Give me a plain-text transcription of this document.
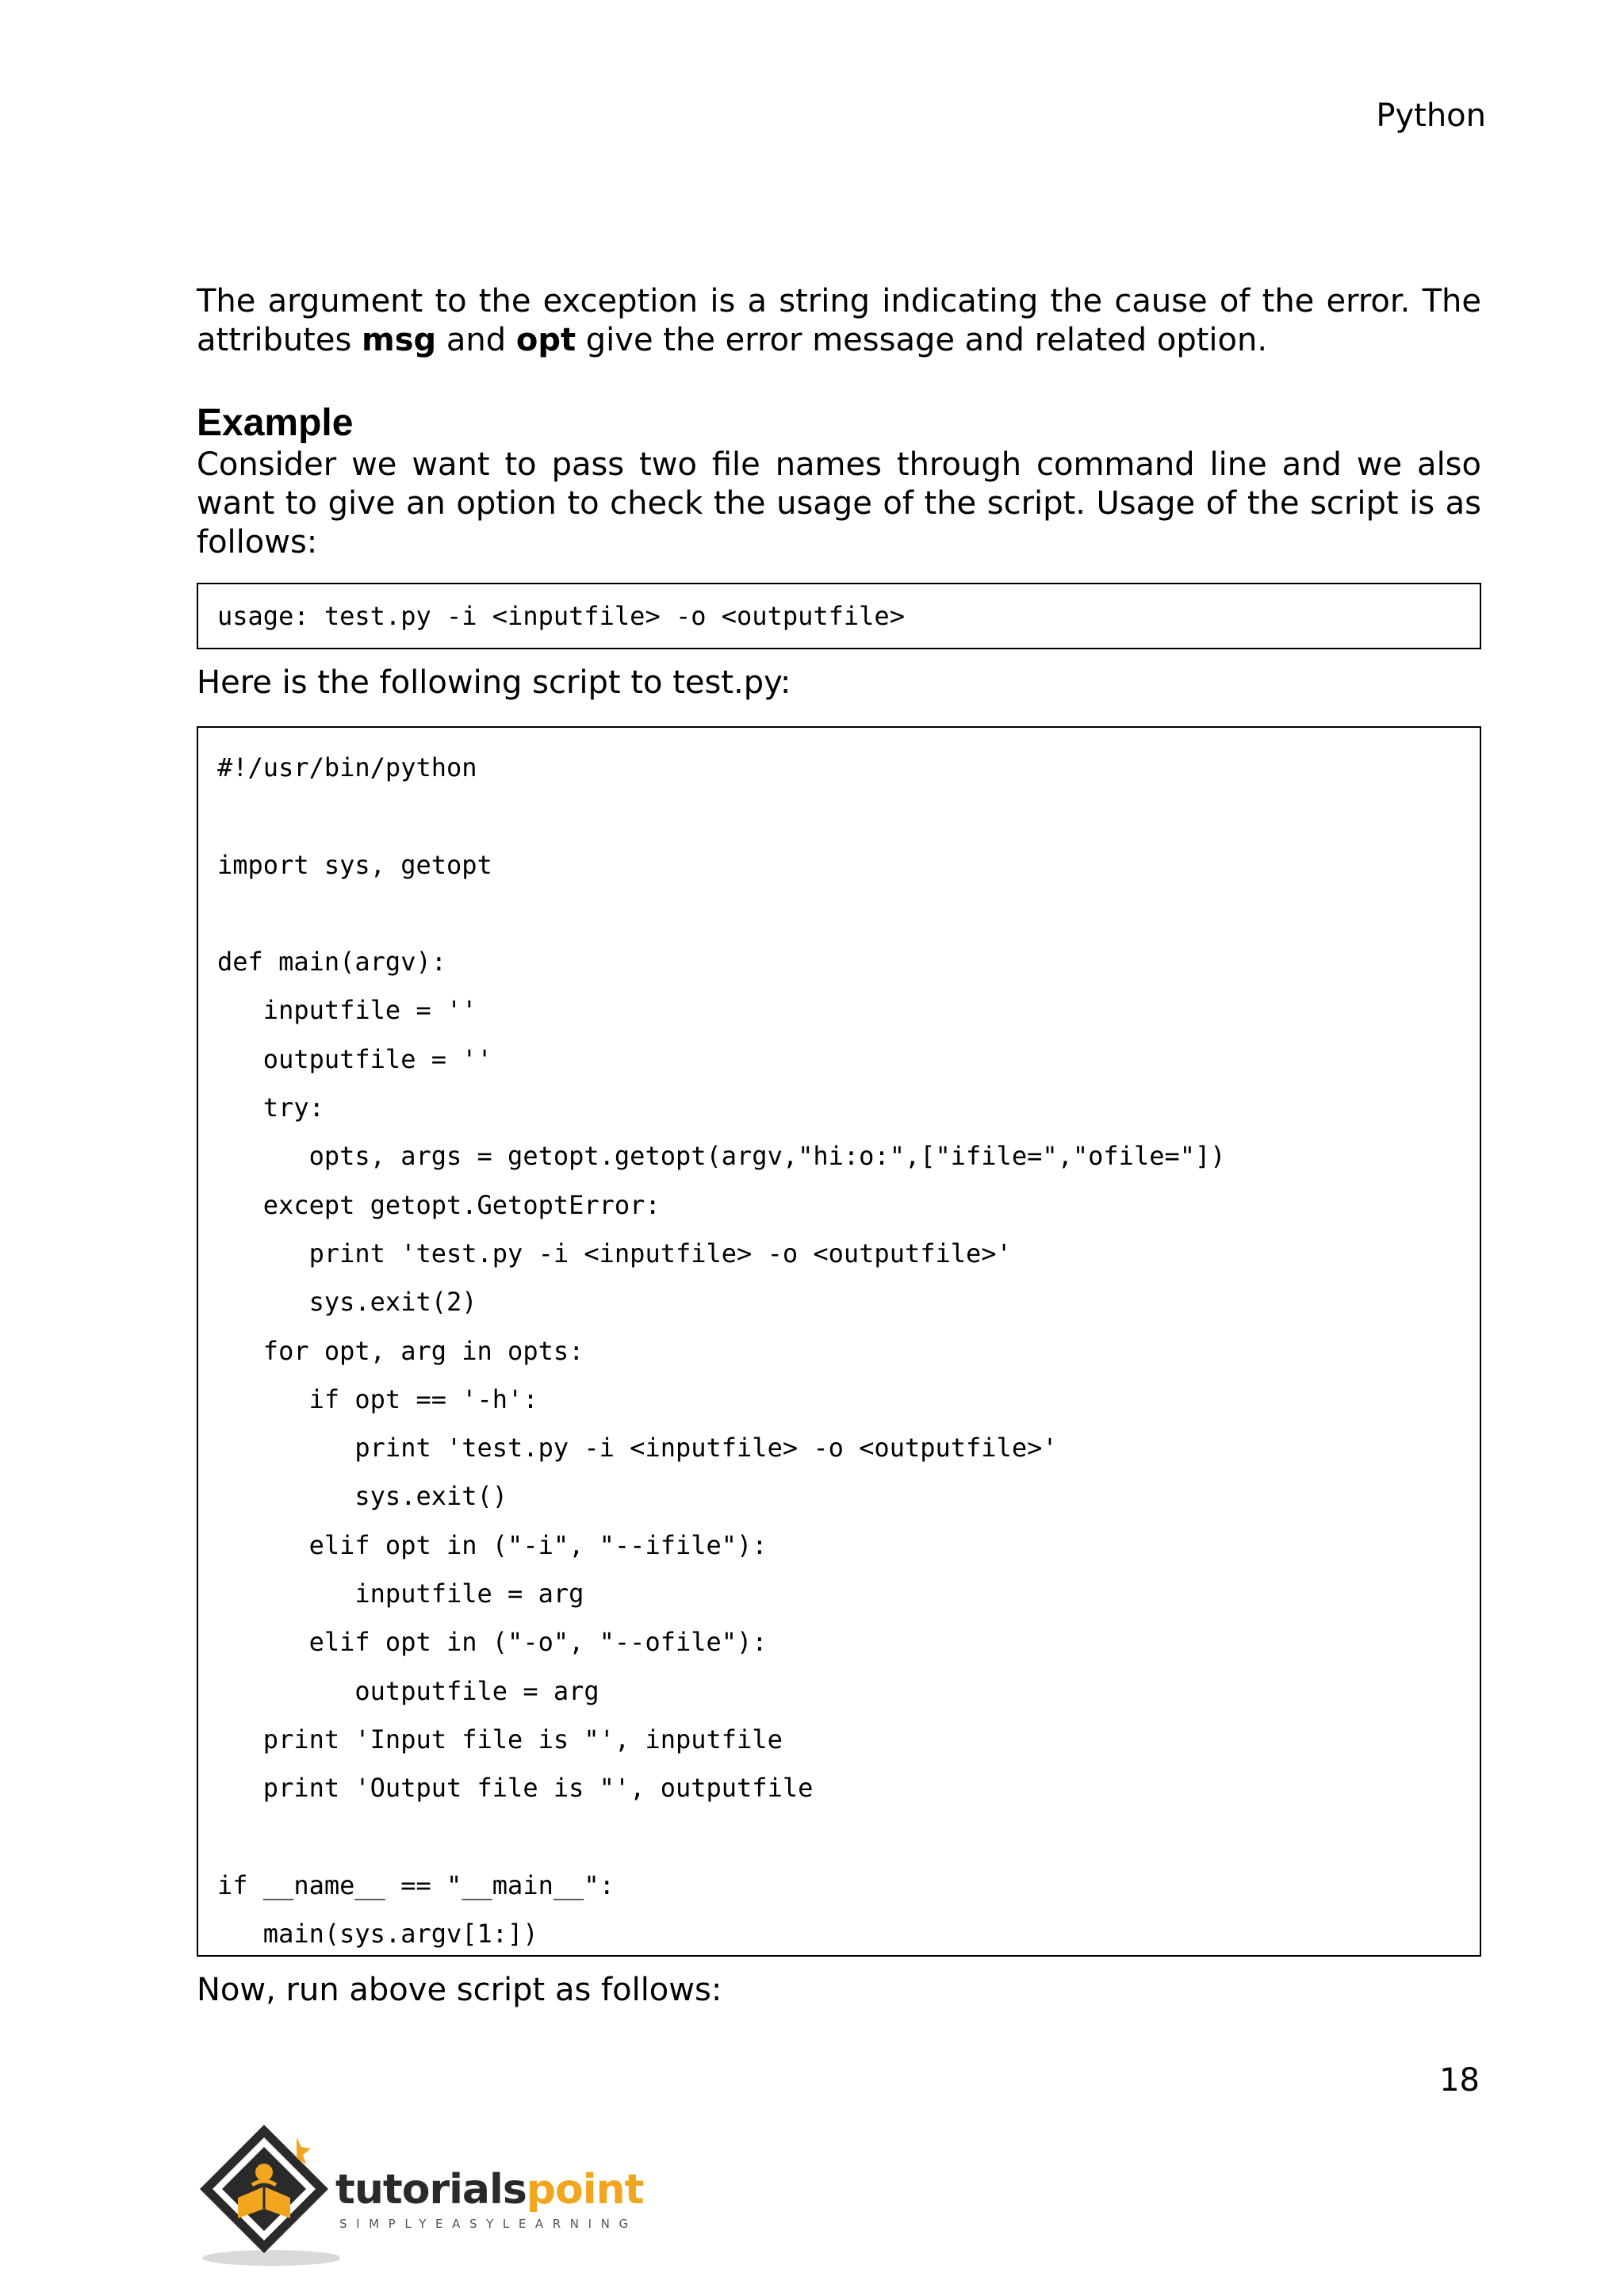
Python

The argument to the exception is a string indicating the cause of the error. The attributes msg and opt give the error message and related option.

Example

Consider we want to pass two file names through command line and we also want to give an option to check the usage of the script. Usage of the script is as follows:

usage: test.py -i <inputfile> -o <outputfile>

Here is the following script to test.py:

#!/usr/bin/python
import sys, getopt
def main(argv):
inputfile = ''
outputfile = ''
try:
opts, args = getopt.getopt(argv,"hi:o:",["ifile=","ofile="])
except getopt.GetoptError:
print 'test.py -i <inputfile> -o <outputfile>'
sys.exit(2)
for opt, arg in opts:
if opt == '-h':
print 'test.py -i <inputfile> -o <outputfile>'
sys.exit()
elif opt in ("-i", "--ifile"):
inputfile = arg
elif opt in ("-o", "--ofile"):
outputfile = arg
print 'Input file is "', inputfile
print 'Output file is "', outputfile
if __name__ == "__main__":
main(sys.argv[1:])

Now, run above script as follows:

18
tutorialspoint
SIMPLYEASYLEARNING
